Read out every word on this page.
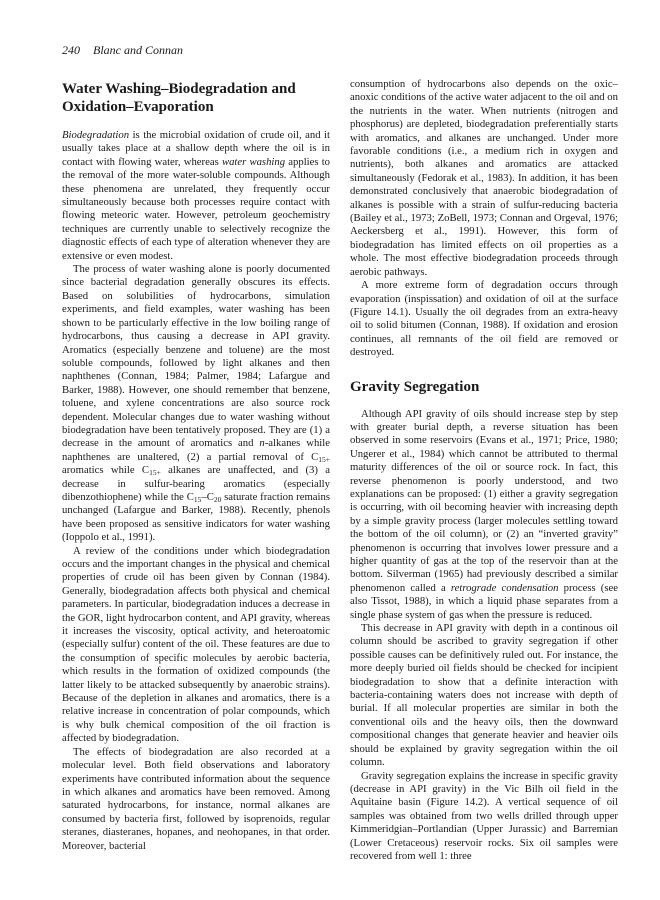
240 Blanc and Connan
Water Washing–Biodegradation and Oxidation–Evaporation

Biodegradation is the microbial oxidation of crude oil, and it usually takes place at a shallow depth where the oil is in contact with flowing water, whereas water washing applies to the removal of the more water-soluble compounds. Although these phenomena are unrelated, they frequently occur simultaneously because both processes require contact with flowing meteoric water. However, petroleum geochemistry techniques are currently unable to selectively recognize the diagnostic effects of each type of alteration whenever they are extensive or even modest.

The process of water washing alone is poorly documented since bacterial degradation generally obscures its effects. Based on solubilities of hydrocarbons, simulation experiments, and field examples, water washing has been shown to be particularly effective in the low boiling range of hydrocarbons, thus causing a decrease in API gravity. Aromatics (especially benzene and toluene) are the most soluble compounds, followed by light alkanes and then naphthenes (Connan, 1984; Palmer, 1984; Lafargue and Barker, 1988). However, one should remember that benzene, toluene, and xylene concentrations are also source rock dependent. Molecular changes due to water washing without biodegradation have been tentatively proposed. They are (1) a decrease in the amount of aromatics and n-alkanes while naphthenes are unaltered, (2) a partial removal of $C_{15+}$ aromatics while $C_{15+}$ alkanes are unaffected, and (3) a decrease in sulfur-bearing aromatics (especially dibenzothiophene) while the $C_{15}-C_{20}$ saturate fraction remains unchanged (Lafargue and Barker, 1988). Recently, phenols have been proposed as sensitive indicators for water washing (Ioppolo et al., 1991).

A review of the conditions under which biodegradation occurs and the important changes in the physical and chemical properties of crude oil has been given by Connan (1984). Generally, biodegradation affects both physical and chemical parameters. In particular, biodegradation induces a decrease in the GOR, light hydrocarbon content, and API gravity, whereas it increases the viscosity, optical activity, and heteroatomic (especially sulfur) content of the oil. These features are due to the consumption of specific molecules by aerobic bacteria, which results in the formation of oxidized compounds (the latter likely to be attacked subsequently by anaerobic strains). Because of the depletion in alkanes and aromatics, there is a relative increase in concentration of polar compounds, which is why bulk chemical composition of the oil fraction is affected by biodegradation.

The effects of biodegradation are also recorded at a molecular level. Both field observations and laboratory experiments have contributed information about the sequence in which alkanes and aromatics have been removed. Among saturated hydrocarbons, for instance, normal alkanes are consumed by bacteria first, followed by isoprenoids, regular steranes, diasteranes, hopanes, and neohopanes, in that order. Moreover, bacterial

consumption of hydrocarbons also depends on the oxic–anoxic conditions of the active water adjacent to the oil and on the nutrients in the water. When nutrients (nitrogen and phosphorus) are depleted, biodegradation preferentially starts with aromatics, and alkanes are unchanged. Under more favorable conditions (i.e., a medium rich in oxygen and nutrients), both alkanes and aromatics are attacked simultaneously (Fedorak et al., 1983). In addition, it has been demonstrated conclusively that anaerobic biodegradation of alkanes is possible with a strain of sulfur-reducing bacteria (Bailey et al., 1973; ZoBell, 1973; Connan and Orgeval, 1976; Aeckersberg et al., 1991). However, this form of biodegradation has limited effects on oil properties as a whole. The most effective biodegradation proceeds through aerobic pathways.

A more extreme form of degradation occurs through evaporation (inspissation) and oxidation of oil at the surface (Figure 14.1). Usually the oil degrades from an extra-heavy oil to solid bitumen (Connan, 1988). If oxidation and erosion continues, all remnants of the oil field are removed or destroyed.

Gravity Segregation

Although API gravity of oils should increase step by step with greater burial depth, a reverse situation has been observed in some reservoirs (Evans et al., 1971; Price, 1980; Ungerer et al., 1984) which cannot be attributed to thermal maturity differences of the oil or source rock. In fact, this reverse phenomenon is poorly understood, and two explanations can be proposed: (1) either a gravity segregation is occurring, with oil becoming heavier with increasing depth by a simple gravity process (larger molecules settling toward the bottom of the oil column), or (2) an “inverted gravity” phenomenon is occurring that involves lower pressure and a higher quantity of gas at the top of the reservoir than at the bottom. Silverman (1965) had previously described a similar phenomenon called a retrograde condensation process (see also Tissot, 1988), in which a liquid phase separates from a single phase system of gas when the pressure is reduced.

This decrease in API gravity with depth in a continous oil column should be ascribed to gravity segregation if other possible causes can be definitively ruled out. For instance, the more deeply buried oil fields should be checked for incipient biodegradation to show that a definite interaction with bacteria-containing waters does not increase with depth of burial. If all molecular properties are similar in both the conventional oils and the heavy oils, then the downward compositional changes that generate heavier and heavier oils should be explained by gravity segregation within the oil column.

Gravity segregation explains the increase in specific gravity (decrease in API gravity) in the Vic Bilh oil field in the Aquitaine basin (Figure 14.2). A vertical sequence of oil samples was obtained from two wells drilled through upper Kimmeridgian–Portlandian (Upper Jurassic) and Barremian (Lower Cretaceous) reservoir rocks. Six oil samples were recovered from well 1: three
